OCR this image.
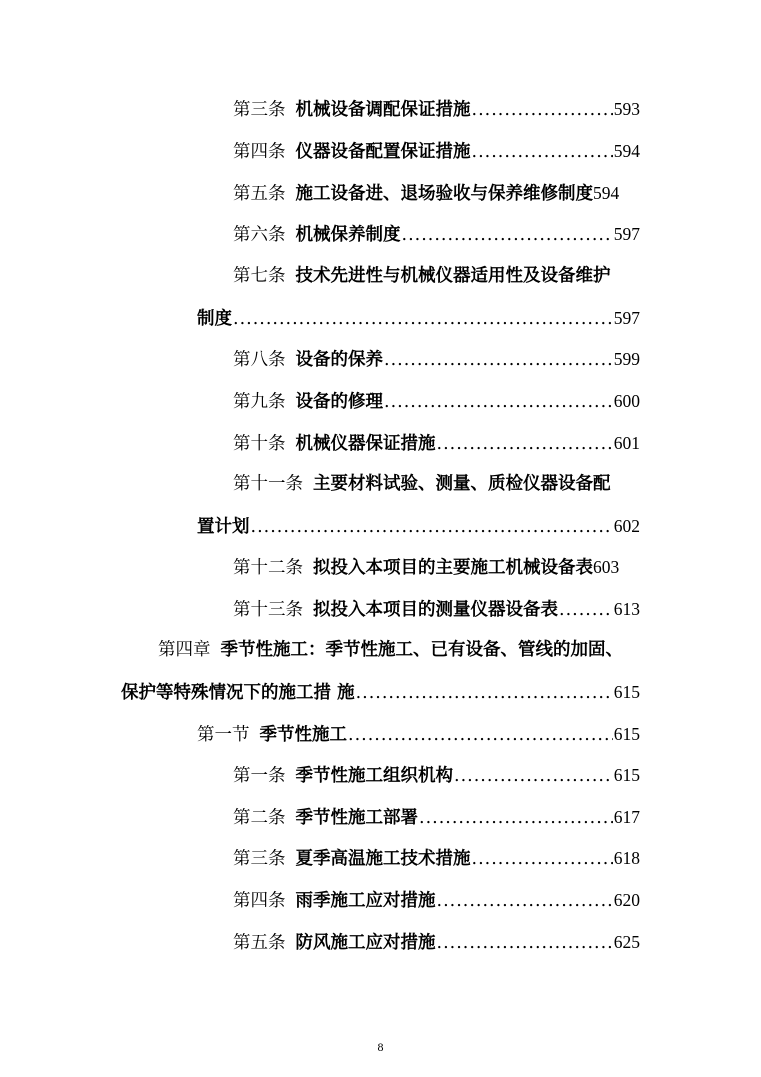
第三条 机械设备调配保证措施 .....	593
第四条 仪器设备配置保证措施 .....	594
第五条 施工设备进、退场验收与保养维修制度 594
第六条 机械保养制度 .....	597
第七条 技术先进性与机械仪器适用性及设备维护
制度 .....	597
第八条 设备的保养 .....	599
第九条 设备的修理 .....	600
第十条 机械仪器保证措施 .....	601
第十一条 主要材料试验、测量、质检仪器设备配
置计划 .....	602
第十二条 拟投入本项目的主要施工机械设备表 603
第十三条 拟投入本项目的测量仪器设备表 .....	613
第四章 季节性施工：季节性施工、已有设备、管线的加固、
保护等特殊情况下的施工措 施 .....	615
第一节 季节性施工 .....	615
第一条 季节性施工组织机构 .....	615
第二条 季节性施工部署 .....	617
第三条 夏季高温施工技术措施 .....	618
第四条 雨季施工应对措施 .....	620
第五条 防风施工应对措施 .....	625
8
